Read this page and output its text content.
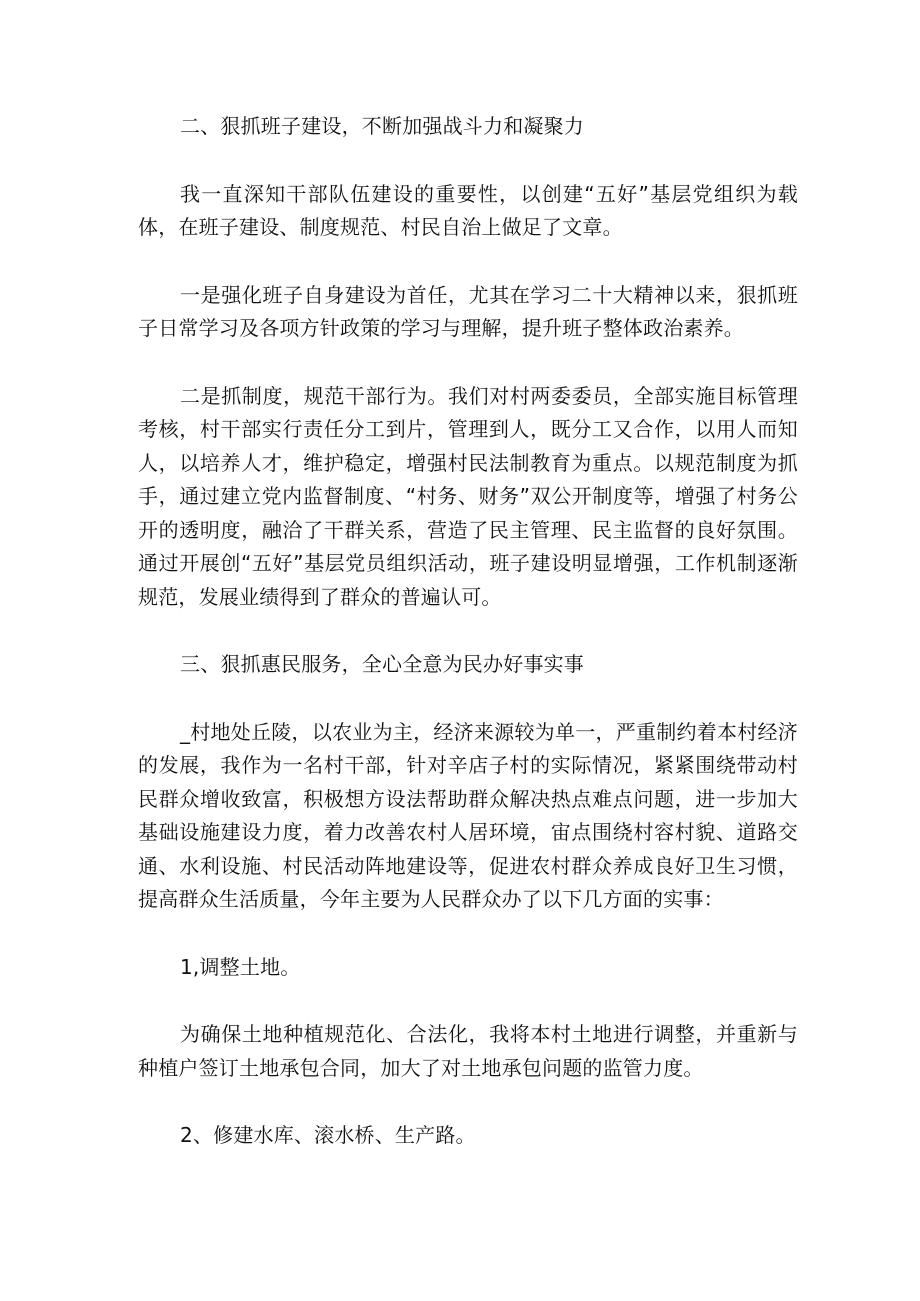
二、狠抓班子建设，不断加强战斗力和凝聚力

我一直深知干部队伍建设的重要性，以创建“五好”基层党组织为载体，在班子建设、制度规范、村民自治上做足了文章。

一是强化班子自身建设为首任，尤其在学习二十大精神以来，狠抓班子日常学习及各项方针政策的学习与理解，提升班子整体政治素养。

二是抓制度，规范干部行为。我们对村两委委员，全部实施目标管理考核，村干部实行责任分工到片，管理到人，既分工又合作，以用人而知人，以培养人才，维护稳定，增强村民法制教育为重点。以规范制度为抓手，通过建立党内监督制度、“村务、财务”双公开制度等，增强了村务公开的透明度，融洽了干群关系，营造了民主管理、民主监督的良好氛围。通过开展创“五好”基层党员组织活动，班子建设明显增强，工作机制逐渐规范，发展业绩得到了群众的普遍认可。

三、狠抓惠民服务，全心全意为民办好事实事

_村地处丘陵，以农业为主，经济来源较为单一，严重制约着本村经济的发展，我作为一名村干部，针对辛店子村的实际情况，紧紧围绕带动村民群众增收致富，积极想方设法帮助群众解决热点难点问题，进一步加大基础设施建设力度，着力改善农村人居环境，宙点围绕村容村貌、道路交通、水利设施、村民活动阵地建设等，促进农村群众养成良好卫生习惯，提高群众生活质量，今年主要为人民群众办了以下几方面的实事：

1,调整土地。

为确保土地种植规范化、合法化，我将本村土地进行调整，并重新与种植户签订土地承包合同，加大了对土地承包问题的监管力度。

2、修建水库、滚水桥、生产路。
